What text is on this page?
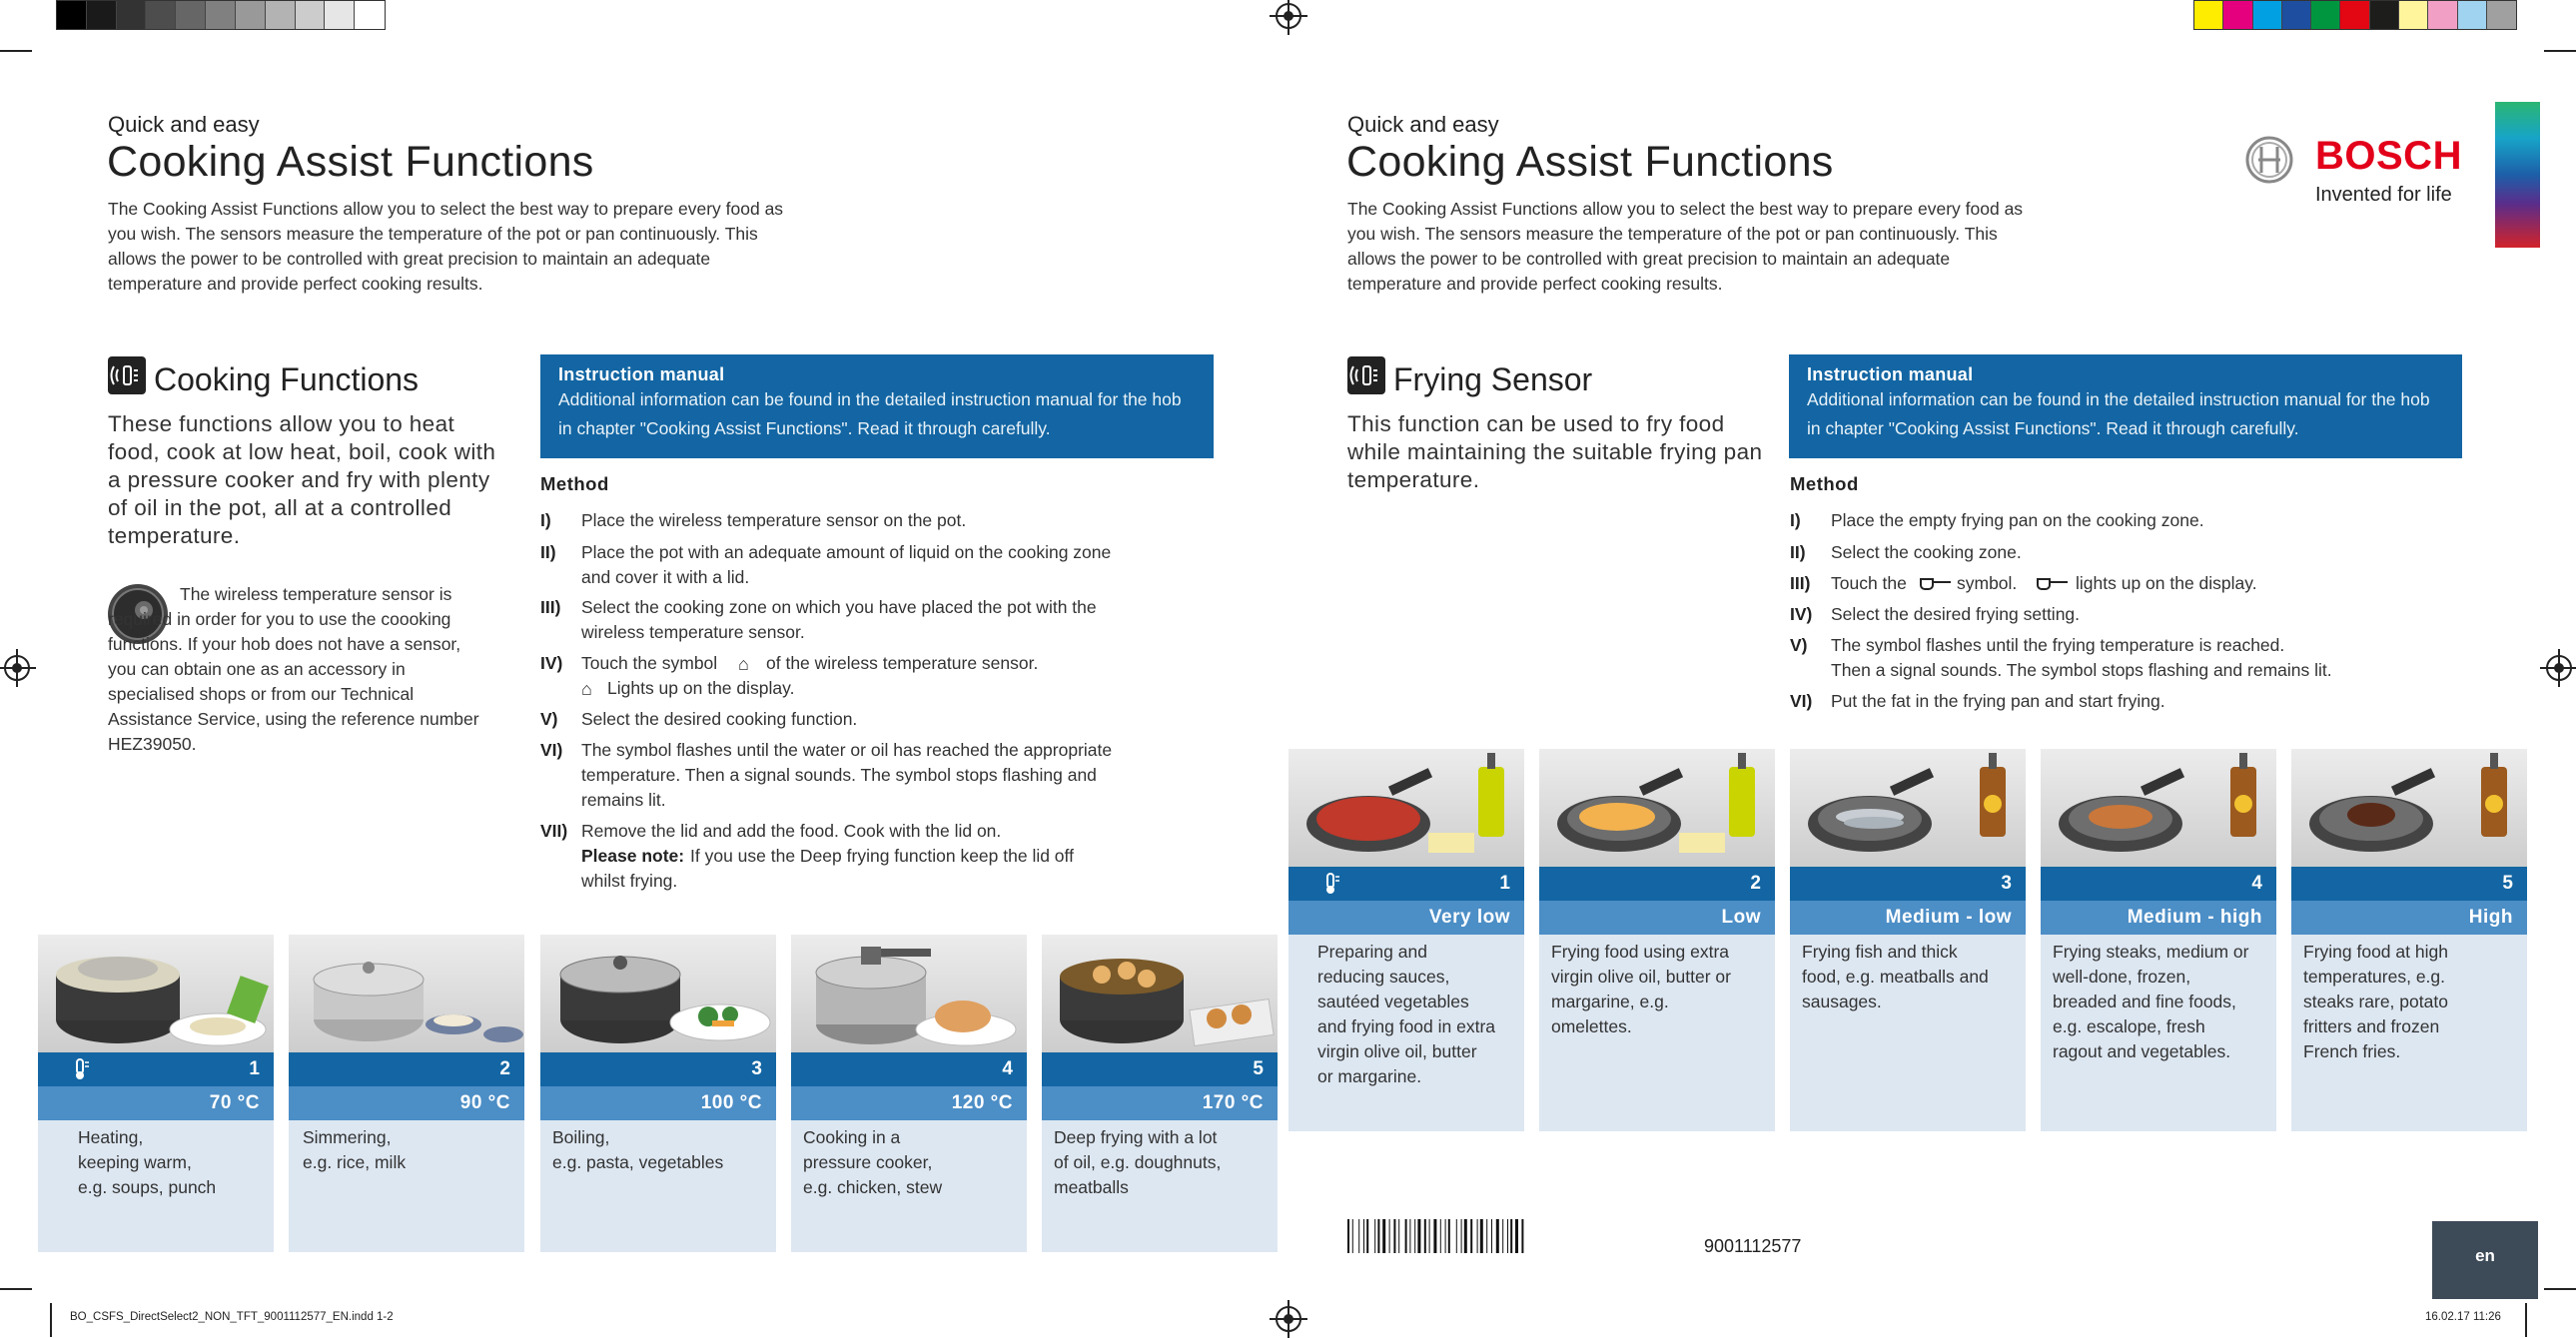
Quick and easy
Cooking Assist Functions
The Cooking Assist Functions allow you to select the best way to prepare every food as you wish. The sensors measure the temperature of the pot or pan continuously. This allows the power to be controlled with great precision to maintain an adequate temperature and provide perfect cooking results.
Cooking Functions
These functions allow you to heat food, cook at low heat, boil, cook with a pressure cooker and fry with plenty of oil in the pot, all at a controlled temperature.
The wireless temperature sensor is required in order for you to use the coooking functions. If your hob does not have a sensor, you can obtain one as an accessory in specialised shops or from our Technical Assistance Service, using the reference number HEZ39050.
Instruction manual
Additional information can be found in the detailed instruction manual for the hob in chapter "Cooking Assist Functions". Read it through carefully.
Method
I) Place the wireless temperature sensor on the pot.
II) Place the pot with an adequate amount of liquid on the cooking zone
and cover it with a lid.
III) Select the cooking zone on which you have placed the pot with the
wireless temperature sensor.
IV) Touch the symbol ⌂ of the wireless temperature sensor.
⌂ Lights up on the display.
V) Select the desired cooking function.
VI) The symbol flashes until the water or oil has reached the appropriate
temperature. Then a signal sounds. The symbol stops flashing and
remains lit.
VII) Remove the lid and add the food. Cook with the lid on.
Please note: If you use the Deep frying function keep the lid off
whilst frying.
1
70 °C
Heating,
keeping warm,
e.g. soups, punch
2
90 °C
Simmering,
e.g. rice, milk
3
100 °C
Boiling,
e.g. pasta, vegetables
4
120 °C
Cooking in a
pressure cooker,
e.g. chicken, stew
5
170 °C
Deep frying with a lot
of oil, e.g. doughnuts,
meatballs
Quick and easy
Cooking Assist Functions
The Cooking Assist Functions allow you to select the best way to prepare every food as you wish. The sensors measure the temperature of the pot or pan continuously. This allows the power to be controlled with great precision to maintain an adequate temperature and provide perfect cooking results.
BOSCH
Invented for life
Frying Sensor
This function can be used to fry food while maintaining the suitable frying pan temperature.
Instruction manual
Additional information can be found in the detailed instruction manual for the hob in chapter "Cooking Assist Functions". Read it through carefully.
Method
I) Place the empty frying pan on the cooking zone.
II) Select the cooking zone.
III) Touch the	symbol.	lights up on the display.
IV) Select the desired frying setting.
V) The symbol flashes until the frying temperature is reached.
Then a signal sounds. The symbol stops flashing and remains lit.
VI) Put the fat in the frying pan and start frying.
1
Very low
Preparing and
reducing sauces,
sautéed vegetables
and frying food in extra
virgin olive oil, butter
or margarine.
2
Low
Frying food using extra
virgin olive oil, butter or
margarine, e.g.
omelettes.
3
Medium - low
Frying fish and thick
food, e.g. meatballs and
sausages.
4
Medium - high
Frying steaks, medium or
well-done, frozen,
breaded and fine foods,
e.g. escalope, fresh
ragout and vegetables.
5
High
Frying food at high
temperatures, e.g.
steaks rare, potato
fritters and frozen
French fries.
9001112577	en
BO_CSFS_DirectSelect2_NON_TFT_9001112577_EN.indd 1-2	16.02.17 11:26
